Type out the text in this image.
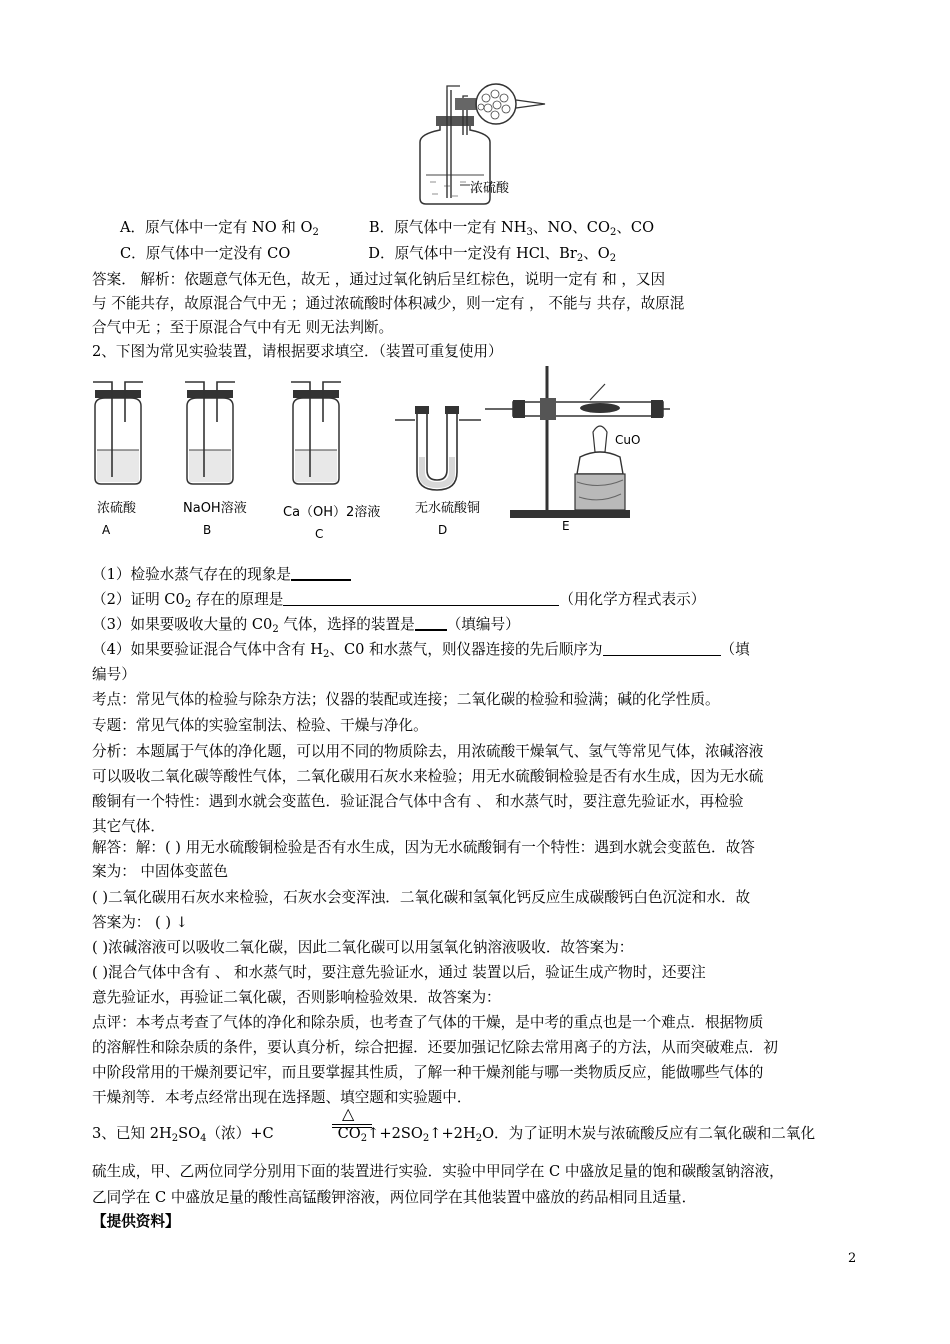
浓硫酸
A．原气体中一定有 NO 和 $O_2$	B．原气体中一定有 $NH_3$、NO、$CO_2$、CO
C．原气体中一定没有 CO	D．原气体中一定没有 HCl、$Br_2$、$O_2$
答案． 解析：依题意气体无色，故无 ，通过过氧化钠后呈红棕色，说明一定有 和 ，又因
与 不能共存，故原混合气中无 ；通过浓硫酸时体积减少，则一定有 ， 不能与 共存，故原混
合气中无 ；至于原混合气中有无 则无法判断。
2、下图为常见实验装置，请根据要求填空．（装置可重复使用）
CuO
浓硫酸	NaOH溶液	Ca（OH）2溶液	无水硫酸铜
A	B	C	D	E
（1）检验水蒸气存在的现象是
（2）证明 $C0_2$ 存在的原理是	（用化学方程式表示）
（3）如果要吸收大量的 $C0_2$ 气体，选择的装置是 （填编号）
（4）如果要验证混合气体中含有 $H_2$、C0 和水蒸气，则仪器连接的先后顺序为	（填
编号）
考点：常见气体的检验与除杂方法；仪器的装配或连接；二氧化碳的检验和验满；碱的化学性质。
专题：常见气体的实验室制法、检验、干燥与净化。
分析：本题属于气体的净化题，可以用不同的物质除去，用浓硫酸干燥氧气、氢气等常见气体，浓碱溶液
可以吸收二氧化碳等酸性气体，二氧化碳用石灰水来检验；用无水硫酸铜检验是否有水生成，因为无水硫
酸铜有一个特性：遇到水就会变蓝色．验证混合气体中含有 、 和水蒸气时，要注意先验证水，再检验
其它气体．
解答：解：( ) 用无水硫酸铜检验是否有水生成，因为无水硫酸铜有一个特性：遇到水就会变蓝色．故答
案为： 中固体变蓝色
( )二氧化碳用石灰水来检验，石灰水会变浑浊．二氧化碳和氢氧化钙反应生成碳酸钙白色沉淀和水．故
答案为： ( ) ↓
( )浓碱溶液可以吸收二氧化碳，因此二氧化碳可以用氢氧化钠溶液吸收．故答案为：
( )混合气体中含有 、 和水蒸气时，要注意先验证水，通过 装置以后，验证生成产物时，还要注
意先验证水，再验证二氧化碳，否则影响检验效果．故答案为：
点评：本考点考查了气体的净化和除杂质，也考查了气体的干燥，是中考的重点也是一个难点．根据物质
的溶解性和除杂质的条件，要认真分析，综合把握．还要加强记忆除去常用离子的方法，从而突破难点．初
中阶段常用的干燥剂要记牢，而且要掌握其性质，了解一种干燥剂能与哪一类物质反应，能做哪些气体的
干燥剂等．本考点经常出现在选择题、填空题和实验题中．
△
3、已知 $2H_2SO_4$（浓）+C	$CO_2↑+2SO_2↑+2H_2O$．为了证明木炭与浓硫酸反应有二氧化碳和二氧化
硫生成，甲、乙两位同学分别用下面的装置进行实验．实验中甲同学在 C 中盛放足量的饱和碳酸氢钠溶液，
乙同学在 C 中盛放足量的酸性高锰酸钾溶液，两位同学在其他装置中盛放的药品相同且适量．
【提供资料】
2
